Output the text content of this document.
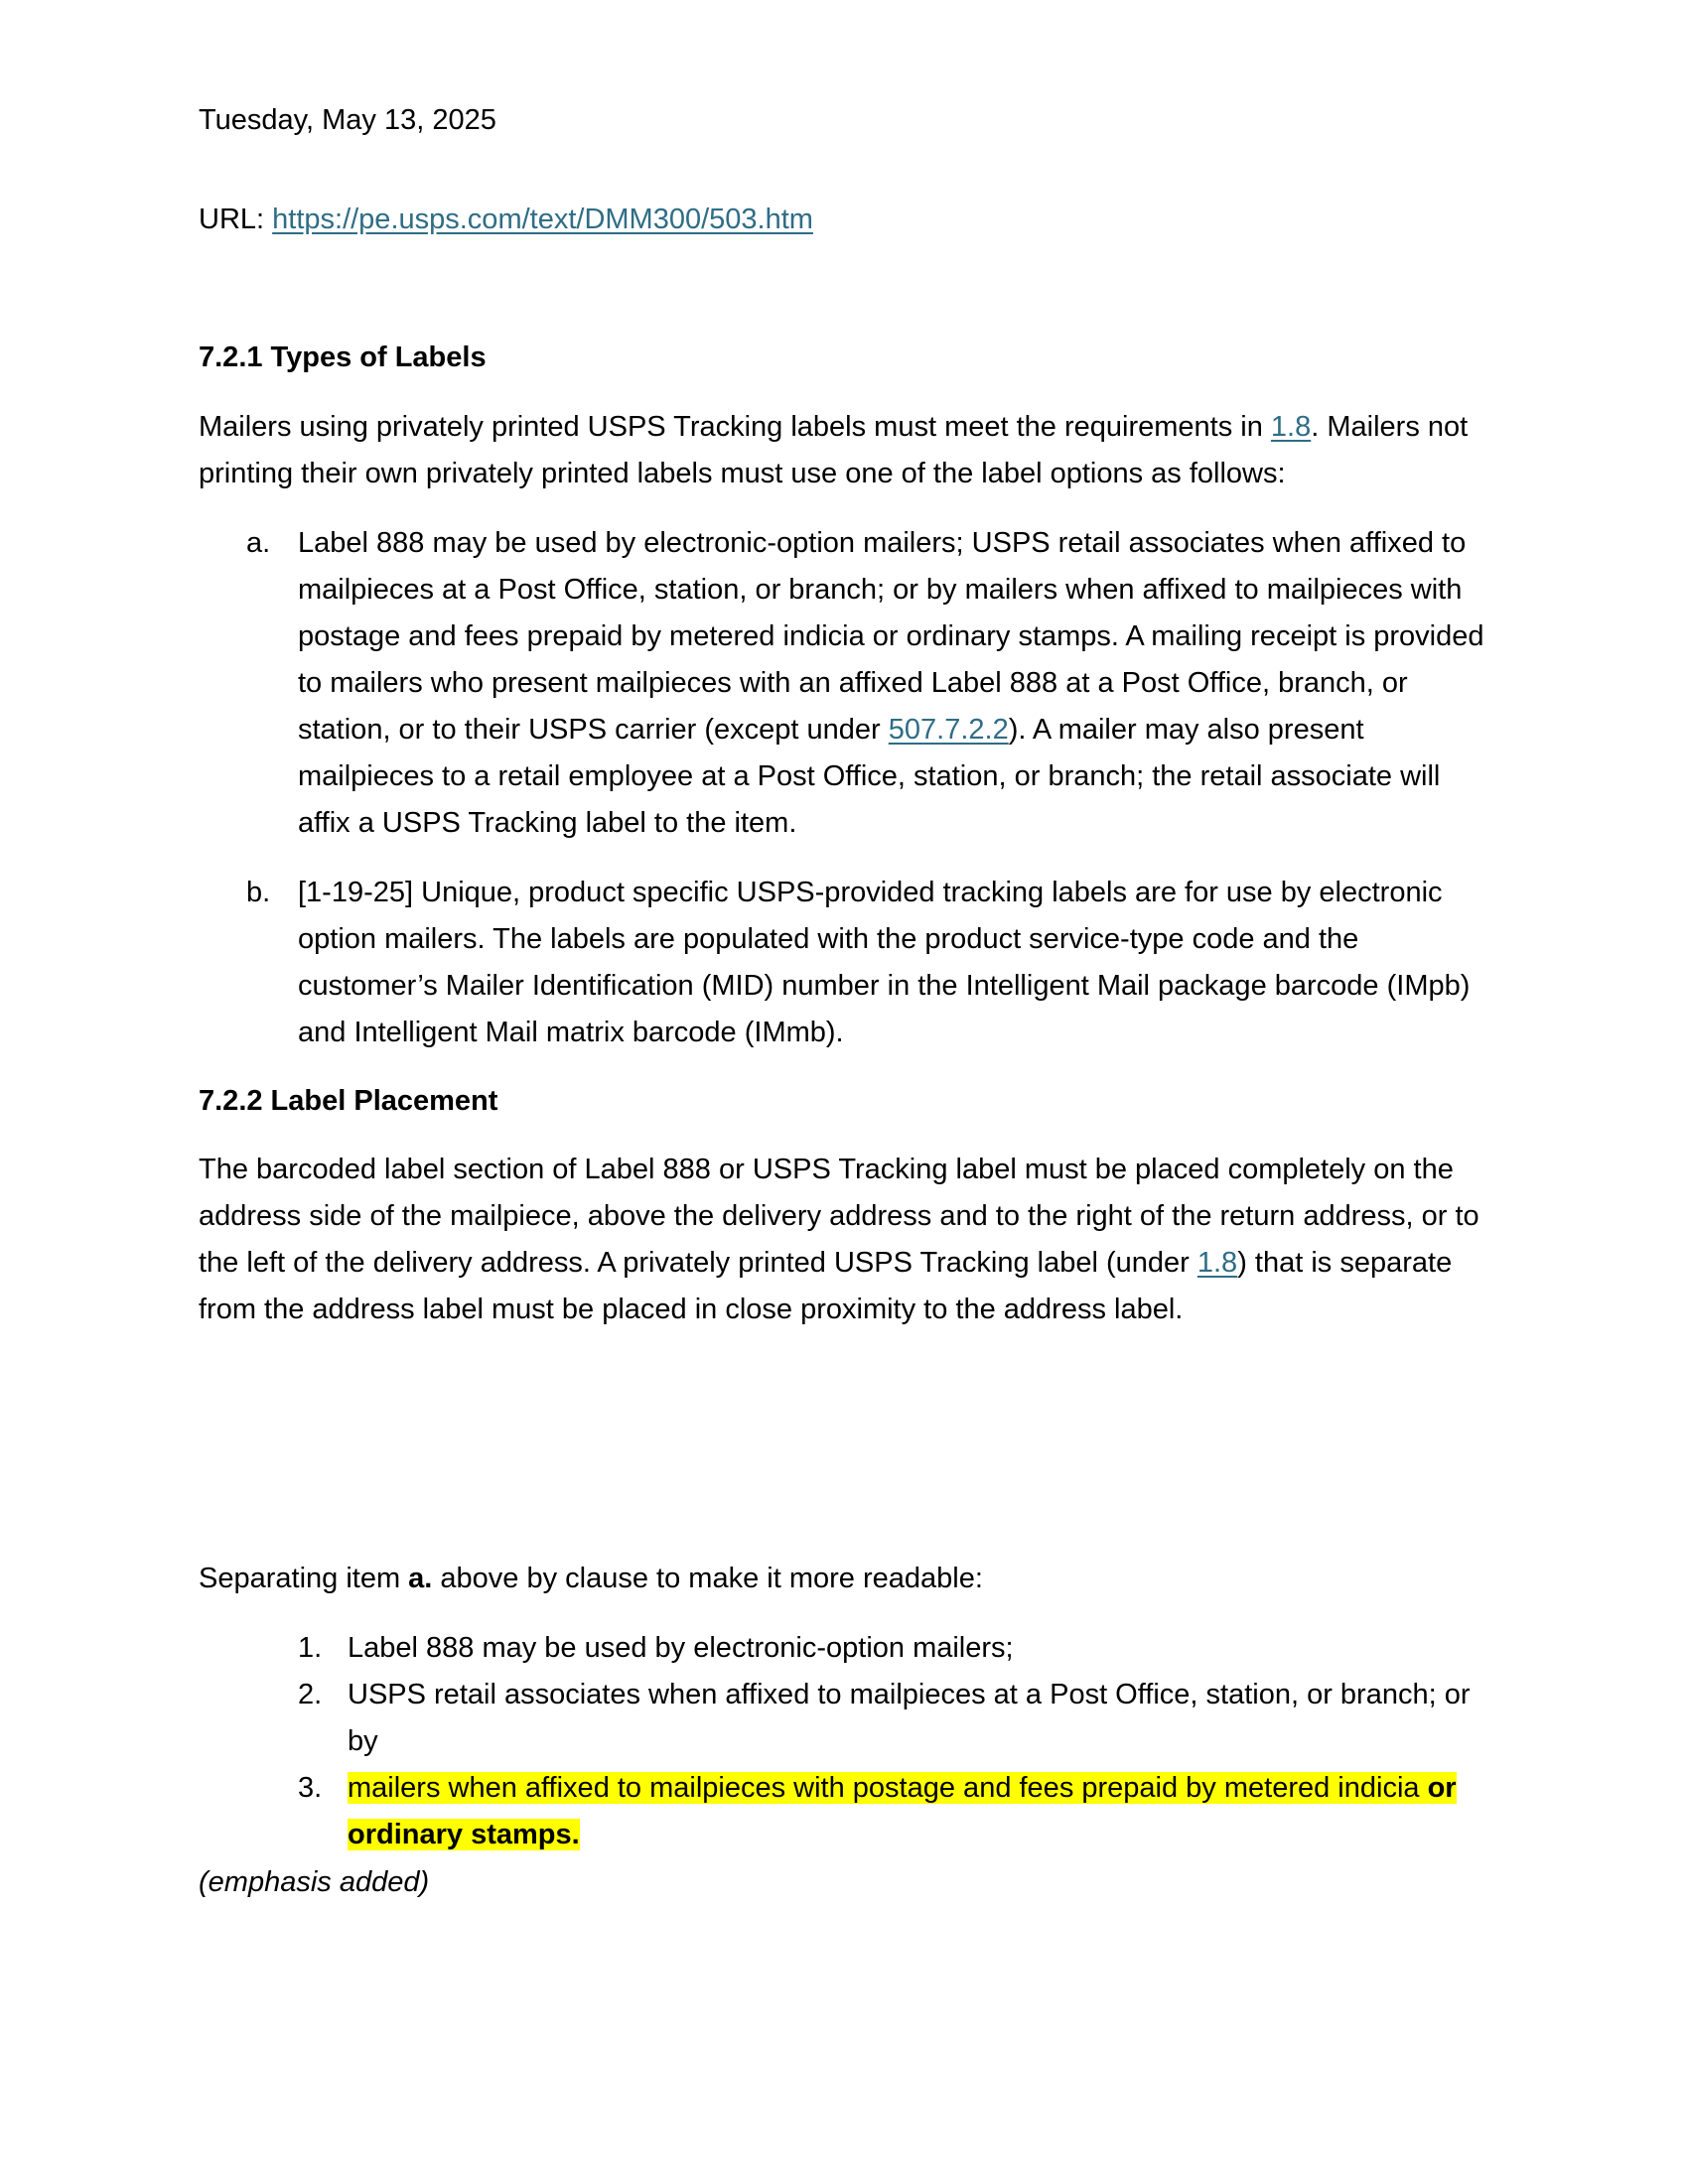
Tuesday, May 13, 2025
URL: https://pe.usps.com/text/DMM300/503.htm
7.2.1 Types of Labels
Mailers using privately printed USPS Tracking labels must meet the requirements in 1.8. Mailers not printing their own privately printed labels must use one of the label options as follows:
a. Label 888 may be used by electronic-option mailers; USPS retail associates when affixed to mailpieces at a Post Office, station, or branch; or by mailers when affixed to mailpieces with postage and fees prepaid by metered indicia or ordinary stamps. A mailing receipt is provided to mailers who present mailpieces with an affixed Label 888 at a Post Office, branch, or station, or to their USPS carrier (except under 507.7.2.2). A mailer may also present mailpieces to a retail employee at a Post Office, station, or branch; the retail associate will affix a USPS Tracking label to the item.
b. [1-19-25] Unique, product specific USPS-provided tracking labels are for use by electronic option mailers. The labels are populated with the product service-type code and the customer’s Mailer Identification (MID) number in the Intelligent Mail package barcode (IMpb) and Intelligent Mail matrix barcode (IMmb).
7.2.2 Label Placement
The barcoded label section of Label 888 or USPS Tracking label must be placed completely on the address side of the mailpiece, above the delivery address and to the right of the return address, or to the left of the delivery address. A privately printed USPS Tracking label (under 1.8) that is separate from the address label must be placed in close proximity to the address label.
Separating item a. above by clause to make it more readable:
1. Label 888 may be used by electronic-option mailers;
2. USPS retail associates when affixed to mailpieces at a Post Office, station, or branch; or by
3. mailers when affixed to mailpieces with postage and fees prepaid by metered indicia or ordinary stamps.
(emphasis added)
